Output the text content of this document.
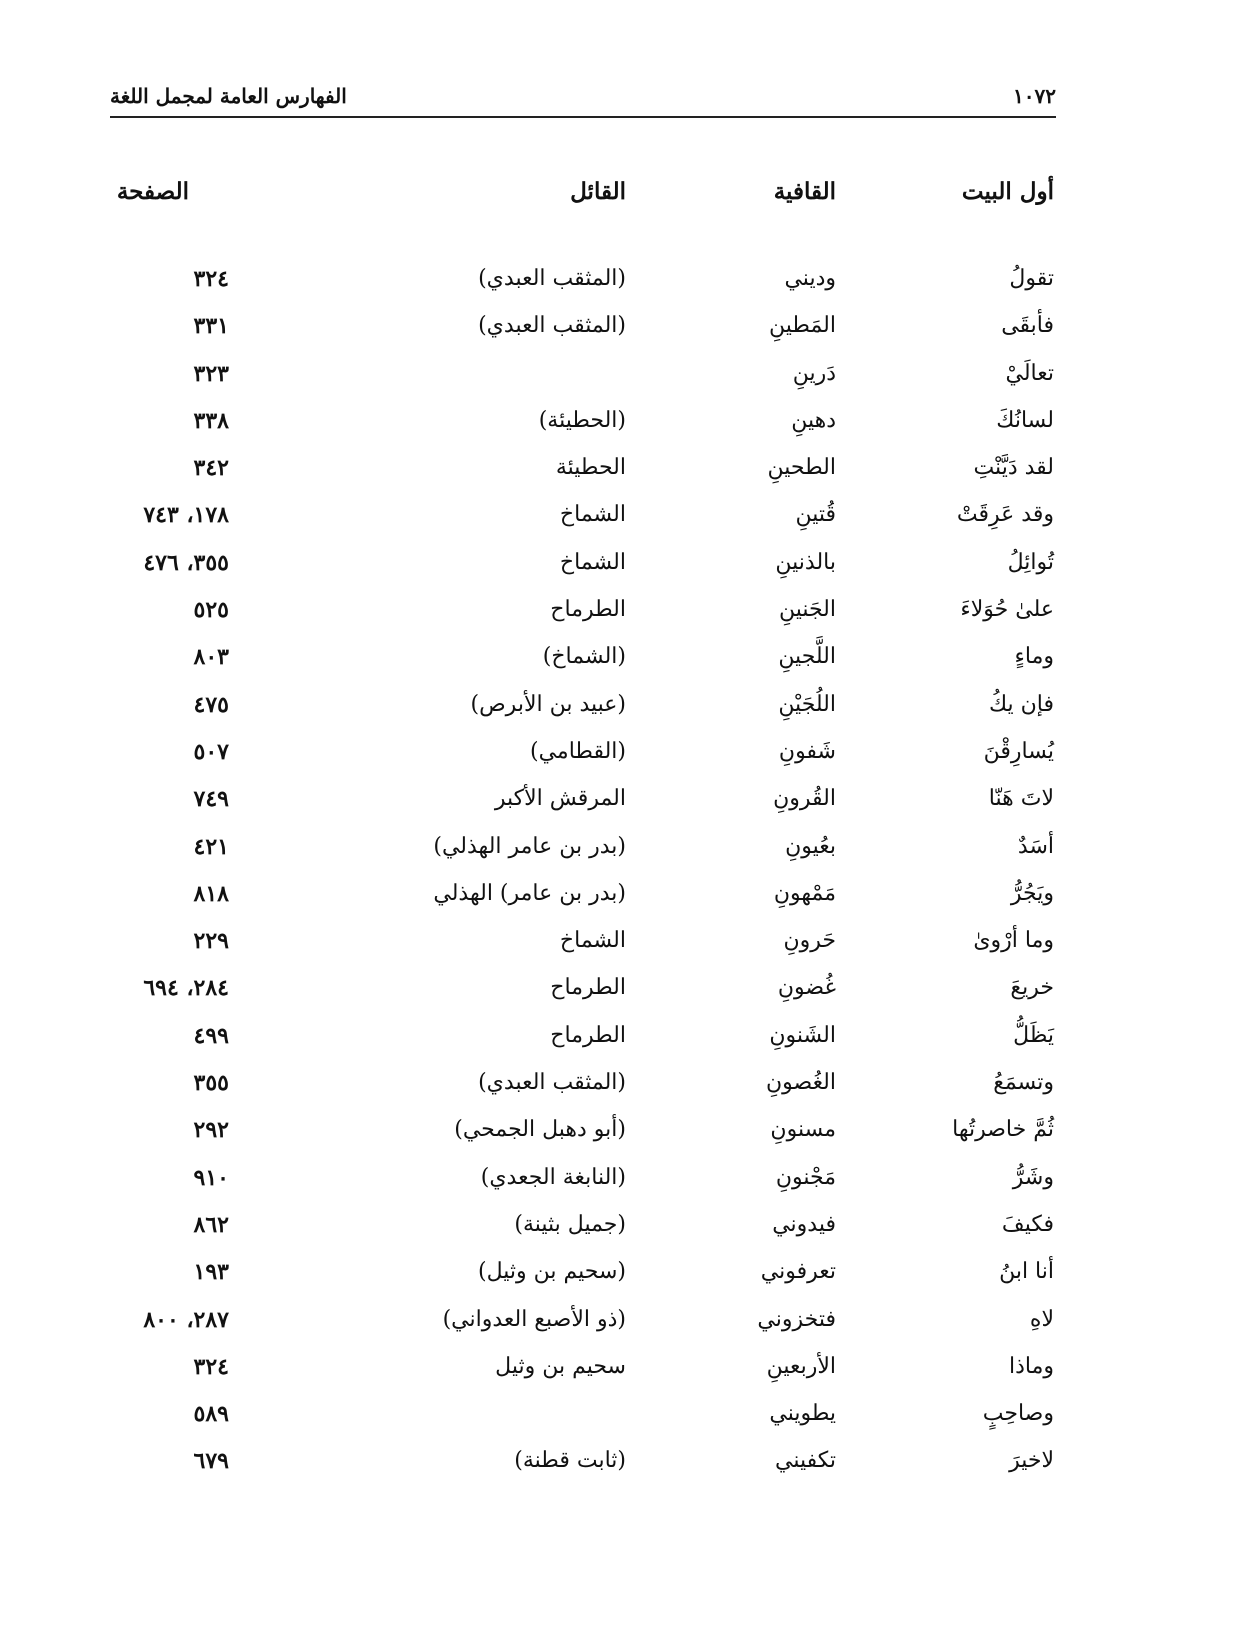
الفهارس العامة لمجمل اللغة	١٠٧٢
أول البيت
القافية
القائل
الصفحة
تقولُ
وديني
(المثقب العبدي)
٣٢٤
فأبقَى
المَطينِ
(المثقب العبدي)
٣٣١
تعالَيْ
دَرينِ
٣٢٣
لسانُكَ
دهينِ
(الحطيئة)
٣٣٨
لقد دَيَّنْتِ
الطحينِ
الحطيئة
٣٤٢
وقد عَرِقَتْ
قُتينِ
الشماخ
١٧٨، ٧٤٣
تُوائِلُ
بالذنينِ
الشماخ
٣٥٥، ٤٧٦
علىٰ حُوَلاءَ
الجَنينِ
الطرماح
٥٢٥
وماءٍ
اللَّجينِ
(الشماخ)
٨٠٣
فإن يكُ
اللُجَيْنِ
(عبيد بن الأبرص)
٤٧٥
يُسارِقْنَ
شَفونِ
(القطامي)
٥٠٧
لاتَ هَنّا
القُرونِ
المرقش الأكبر
٧٤٩
أسَدٌ
بعُيونِ
(بدر بن عامر الهذلي)
٤٢١
ويَجُرُّ
مَمْهونِ
(بدر بن عامر) الهذلي
٨١٨
وما أرْوىٰ
حَرونِ
الشماخ
٢٢٩
خريعَ
غُضونِ
الطرماح
٢٨٤، ٦٩٤
يَظَلُّ
الشَنونِ
الطرماح
٤٩٩
وتسمَعُ
الغُصونِ
(المثقب العبدي)
٣٥٥
ثُمَّ خاصرتُها
مسنونِ
(أبو دهبل الجمحي)
٢٩٢
وشَرُّ
مَجْنونِ
(النابغة الجعدي)
٩١٠
فكيفَ
فيدوني
(جميل بثينة)
٨٦٢
أنا ابنُ
تعرفوني
(سحيم بن وثيل)
١٩٣
لاهِ
فتخزوني
(ذو الأصبع العدواني)
٢٨٧، ٨٠٠
وماذا
الأربعينِ
سحيم بن وثيل
٣٢٤
وصاحِبٍ
يطويني
٥٨٩
لاخيرَ
تكفيني
(ثابت قطنة)
٦٧٩
